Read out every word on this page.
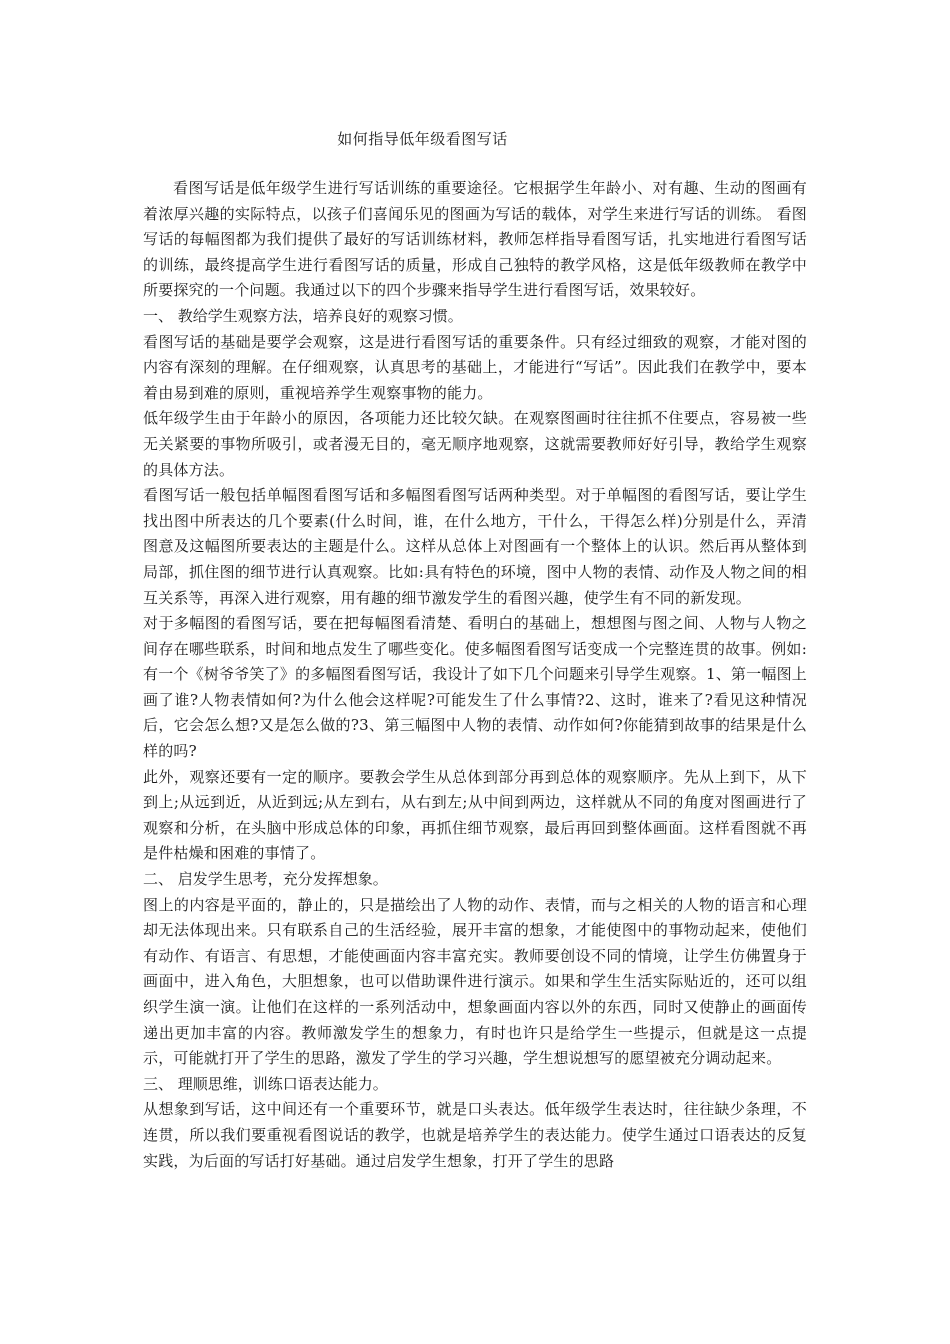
如何指导低年级看图写话

看图写话是低年级学生进行写话训练的重要途径。它根据学生年龄小、对有趣、生动的图画有着浓厚兴趣的实际特点，以孩子们喜闻乐见的图画为写话的载体，对学生来进行写话的训练。 看图写话的每幅图都为我们提供了最好的写话训练材料，教师怎样指导看图写话，扎实地进行看图写话的训练，最终提高学生进行看图写话的质量，形成自己独特的教学风格，这是低年级教师在教学中所要探究的一个问题。我通过以下的四个步骤来指导学生进行看图写话，效果较好。

一、 教给学生观察方法，培养良好的观察习惯。

看图写话的基础是要学会观察，这是进行看图写话的重要条件。只有经过细致的观察，才能对图的内容有深刻的理解。在仔细观察，认真思考的基础上，才能进行“写话”。因此我们在教学中，要本着由易到难的原则，重视培养学生观察事物的能力。

低年级学生由于年龄小的原因，各项能力还比较欠缺。在观察图画时往往抓不住要点，容易被一些无关紧要的事物所吸引，或者漫无目的，毫无顺序地观察，这就需要教师好好引导，教给学生观察的具体方法。

看图写话一般包括单幅图看图写话和多幅图看图写话两种类型。对于单幅图的看图写话，要让学生找出图中所表达的几个要素(什么时间，谁，在什么地方，干什么，干得怎么样)分别是什么，弄清图意及这幅图所要表达的主题是什么。这样从总体上对图画有一个整体上的认识。然后再从整体到局部，抓住图的细节进行认真观察。比如:具有特色的环境，图中人物的表情、动作及人物之间的相互关系等，再深入进行观察，用有趣的细节激发学生的看图兴趣，使学生有不同的新发现。

对于多幅图的看图写话，要在把每幅图看清楚、看明白的基础上，想想图与图之间、人物与人物之间存在哪些联系，时间和地点发生了哪些变化。使多幅图看图写话变成一个完整连贯的故事。例如:有一个《树爷爷笑了》的多幅图看图写话，我设计了如下几个问题来引导学生观察。1、第一幅图上画了谁?人物表情如何?为什么他会这样呢?可能发生了什么事情?2、这时，谁来了?看见这种情况后，它会怎么想?又是怎么做的?3、第三幅图中人物的表情、动作如何?你能猜到故事的结果是什么样的吗?

此外，观察还要有一定的顺序。要教会学生从总体到部分再到总体的观察顺序。先从上到下，从下到上;从远到近，从近到远;从左到右，从右到左;从中间到两边，这样就从不同的角度对图画进行了观察和分析，在头脑中形成总体的印象，再抓住细节观察，最后再回到整体画面。这样看图就不再是件枯燥和困难的事情了。

二、 启发学生思考，充分发挥想象。

图上的内容是平面的，静止的，只是描绘出了人物的动作、表情，而与之相关的人物的语言和心理却无法体现出来。只有联系自己的生活经验，展开丰富的想象，才能使图中的事物动起来，使他们有动作、有语言、有思想，才能使画面内容丰富充实。教师要创设不同的情境，让学生仿佛置身于画面中，进入角色，大胆想象，也可以借助课件进行演示。如果和学生生活实际贴近的，还可以组织学生演一演。让他们在这样的一系列活动中，想象画面内容以外的东西，同时又使静止的画面传递出更加丰富的内容。教师激发学生的想象力，有时也许只是给学生一些提示，但就是这一点提示，可能就打开了学生的思路，激发了学生的学习兴趣，学生想说想写的愿望被充分调动起来。

三、 理顺思维，训练口语表达能力。

从想象到写话，这中间还有一个重要环节，就是口头表达。低年级学生表达时，往往缺少条理，不连贯，所以我们要重视看图说话的教学，也就是培养学生的表达能力。使学生通过口语表达的反复实践，为后面的写话打好基础。通过启发学生想象，打开了学生的思路
